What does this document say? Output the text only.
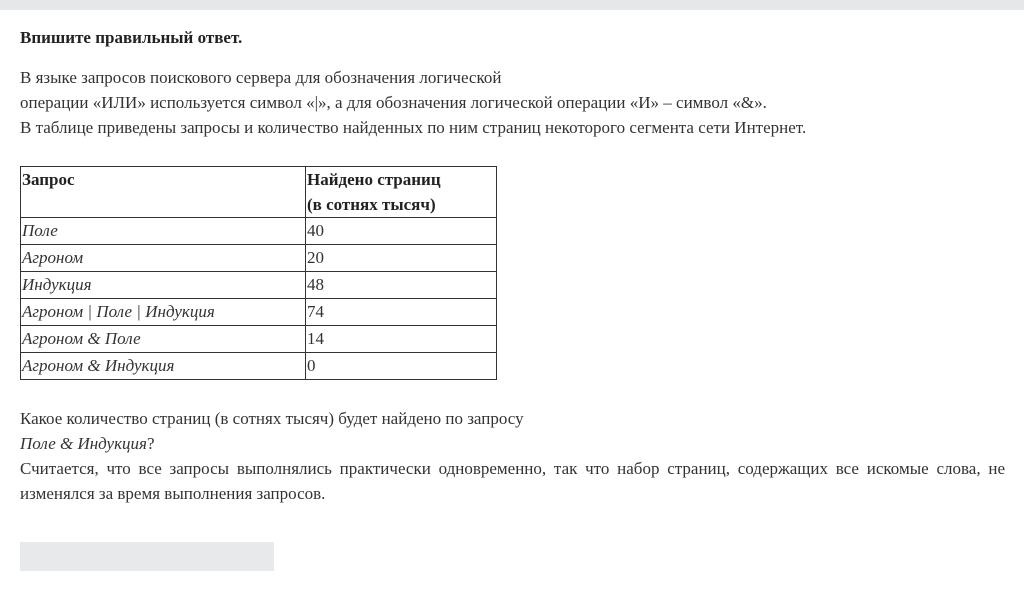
Впишите правильный ответ.

В языке запросов поискового сервера для обозначения логической

операции «ИЛИ» используется символ «|», а для обозначения логической операции «И» – символ «&».

В таблице приведены запросы и количество найденных по ним страниц некоторого сегмента сети Интернет.

Запрос	Найдено страниц
(в сотнях тысяч)
Поле	40
Агроном	20
Индукция	48
Агроном | Поле | Индукция	74
Агроном & Поле	14
Агроном & Индукция	0

Какое количество страниц (в сотнях тысяч) будет найдено по запросу

Поле & Индукция?

Считается, что все запросы выполнялись практически одновременно, так что набор страниц, содержащих все искомые слова, не изменялся за время выполнения запросов.
